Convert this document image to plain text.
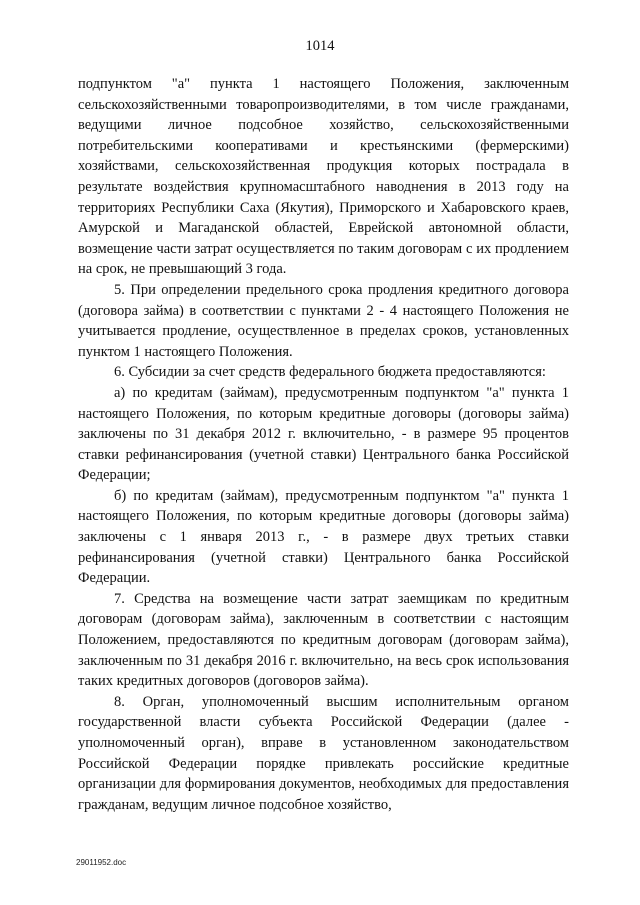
1014

подпунктом "а" пункта 1 настоящего Положения, заключенным сельскохозяйственными товаропроизводителями, в том числе гражданами, ведущими личное подсобное хозяйство, сельскохозяйственными потребительскими кооперативами и крестьянскими (фермерскими) хозяйствами, сельскохозяйственная продукция которых пострадала в результате воздействия крупномасштабного наводнения в 2013 году на территориях Республики Саха (Якутия), Приморского и Хабаровского краев, Амурской и Магаданской областей, Еврейской автономной области, возмещение части затрат осуществляется по таким договорам с их продлением на срок, не превышающий 3 года.

5. При определении предельного срока продления кредитного договора (договора займа) в соответствии с пунктами 2 - 4 настоящего Положения не учитывается продление, осуществленное в пределах сроков, установленных пунктом 1 настоящего Положения.

6. Субсидии за счет средств федерального бюджета предоставляются:

а) по кредитам (займам), предусмотренным подпунктом "а" пункта 1 настоящего Положения, по которым кредитные договоры (договоры займа) заключены по 31 декабря 2012 г. включительно, - в размере 95 процентов ставки рефинансирования (учетной ставки) Центрального банка Российской Федерации;

б) по кредитам (займам), предусмотренным подпунктом "а" пункта 1 настоящего Положения, по которым кредитные договоры (договоры займа) заключены с 1 января 2013 г., - в размере двух третьих ставки рефинансирования (учетной ставки) Центрального банка Российской Федерации.

7. Средства на возмещение части затрат заемщикам по кредитным договорам (договорам займа), заключенным в соответствии с настоящим Положением, предоставляются по кредитным договорам (договорам займа), заключенным по 31 декабря 2016 г. включительно, на весь срок использования таких кредитных договоров (договоров займа).

8. Орган, уполномоченный высшим исполнительным органом государственной власти субъекта Российской Федерации (далее - уполномоченный орган), вправе в установленном законодательством Российской Федерации порядке привлекать российские кредитные организации для формирования документов, необходимых для предоставления гражданам, ведущим личное подсобное хозяйство,

29011952.doc
